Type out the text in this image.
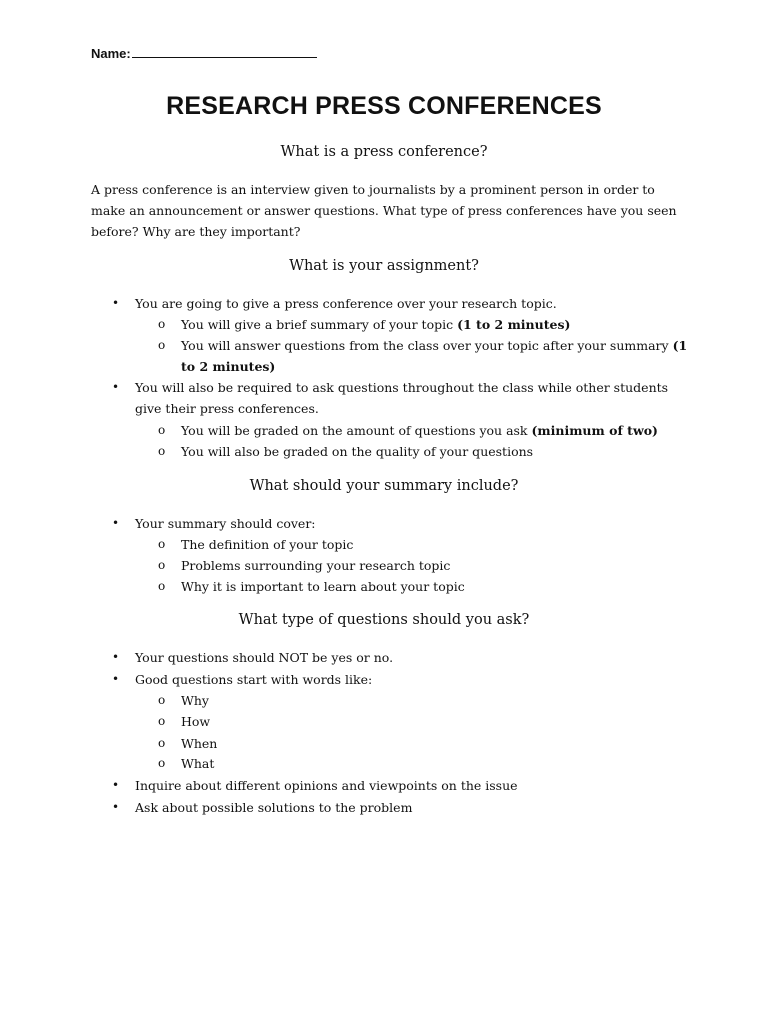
Name:
RESEARCH PRESS CONFERENCES
What is a press conference?

A press conference is an interview given to journalists by a prominent person in order to make an announcement or answer questions. What type of press conferences have you seen before? Why are they important?

What is your assignment?
• You are going to give a press conference over your research topic.
o You will give a brief summary of your topic (1 to 2 minutes)
o You will answer questions from the class over your topic after your summary (1 to 2 minutes)
• You will also be required to ask questions throughout the class while other students give their press conferences.
o You will be graded on the amount of questions you ask (minimum of two)
o You will also be graded on the quality of your questions
What should your summary include?
• Your summary should cover:
o The definition of your topic
o Problems surrounding your research topic
o Why it is important to learn about your topic
What type of questions should you ask?
• Your questions should NOT be yes or no.
• Good questions start with words like:
o Why
o How
o When
o What
• Inquire about different opinions and viewpoints on the issue
• Ask about possible solutions to the problem
